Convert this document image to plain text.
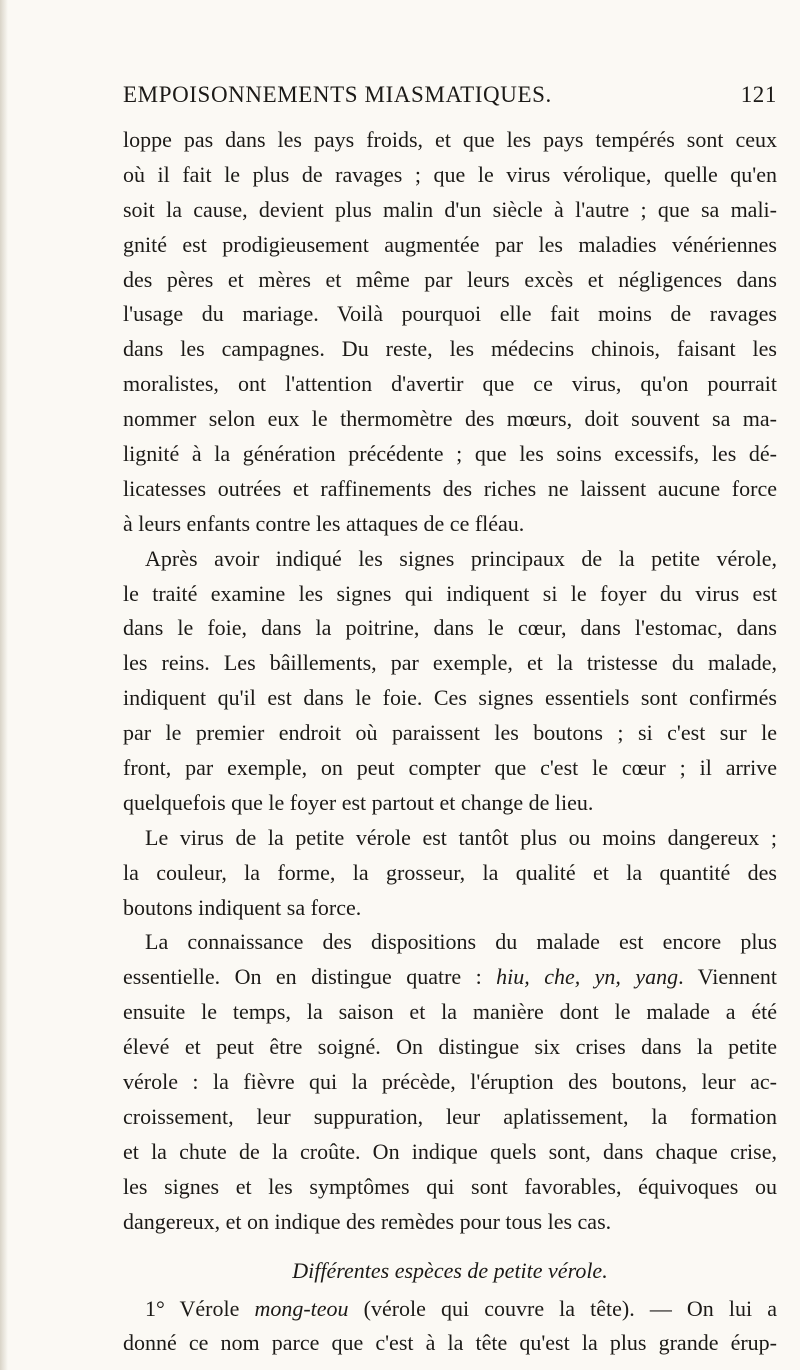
EMPOISONNEMENTS MIASMATIQUES.	121
loppe pas dans les pays froids, et que les pays tempérés sont ceux
où il fait le plus de ravages ; que le virus vérolique, quelle qu'en
soit la cause, devient plus malin d'un siècle à l'autre ; que sa mali-
gnité est prodigieusement augmentée par les maladies vénériennes
des pères et mères et même par leurs excès et négligences dans
l'usage du mariage. Voilà pourquoi elle fait moins de ravages
dans les campagnes. Du reste, les médecins chinois, faisant les
moralistes, ont l'attention d'avertir que ce virus, qu'on pourrait
nommer selon eux le thermomètre des mœurs, doit souvent sa ma-
lignité à la génération précédente ; que les soins excessifs, les dé-
licatesses outrées et raffinements des riches ne laissent aucune force
à leurs enfants contre les attaques de ce fléau.
Après avoir indiqué les signes principaux de la petite vérole,
le traité examine les signes qui indiquent si le foyer du virus est
dans le foie, dans la poitrine, dans le cœur, dans l'estomac, dans
les reins. Les bâillements, par exemple, et la tristesse du malade,
indiquent qu'il est dans le foie. Ces signes essentiels sont confirmés
par le premier endroit où paraissent les boutons ; si c'est sur le
front, par exemple, on peut compter que c'est le cœur ; il arrive
quelquefois que le foyer est partout et change de lieu.
Le virus de la petite vérole est tantôt plus ou moins dangereux ;
la couleur, la forme, la grosseur, la qualité et la quantité des
boutons indiquent sa force.
La connaissance des dispositions du malade est encore plus
essentielle. On en distingue quatre : hiu, che, yn, yang. Viennent
ensuite le temps, la saison et la manière dont le malade a été
élevé et peut être soigné. On distingue six crises dans la petite
vérole : la fièvre qui la précède, l'éruption des boutons, leur ac-
croissement, leur suppuration, leur aplatissement, la formation
et la chute de la croûte. On indique quels sont, dans chaque crise,
les signes et les symptômes qui sont favorables, équivoques ou
dangereux, et on indique des remèdes pour tous les cas.
Différentes espèces de petite vérole.
1° Vérole mong-teou (vérole qui couvre la tête). — On lui a
donné ce nom parce que c'est à la tête qu'est la plus grande érup-
